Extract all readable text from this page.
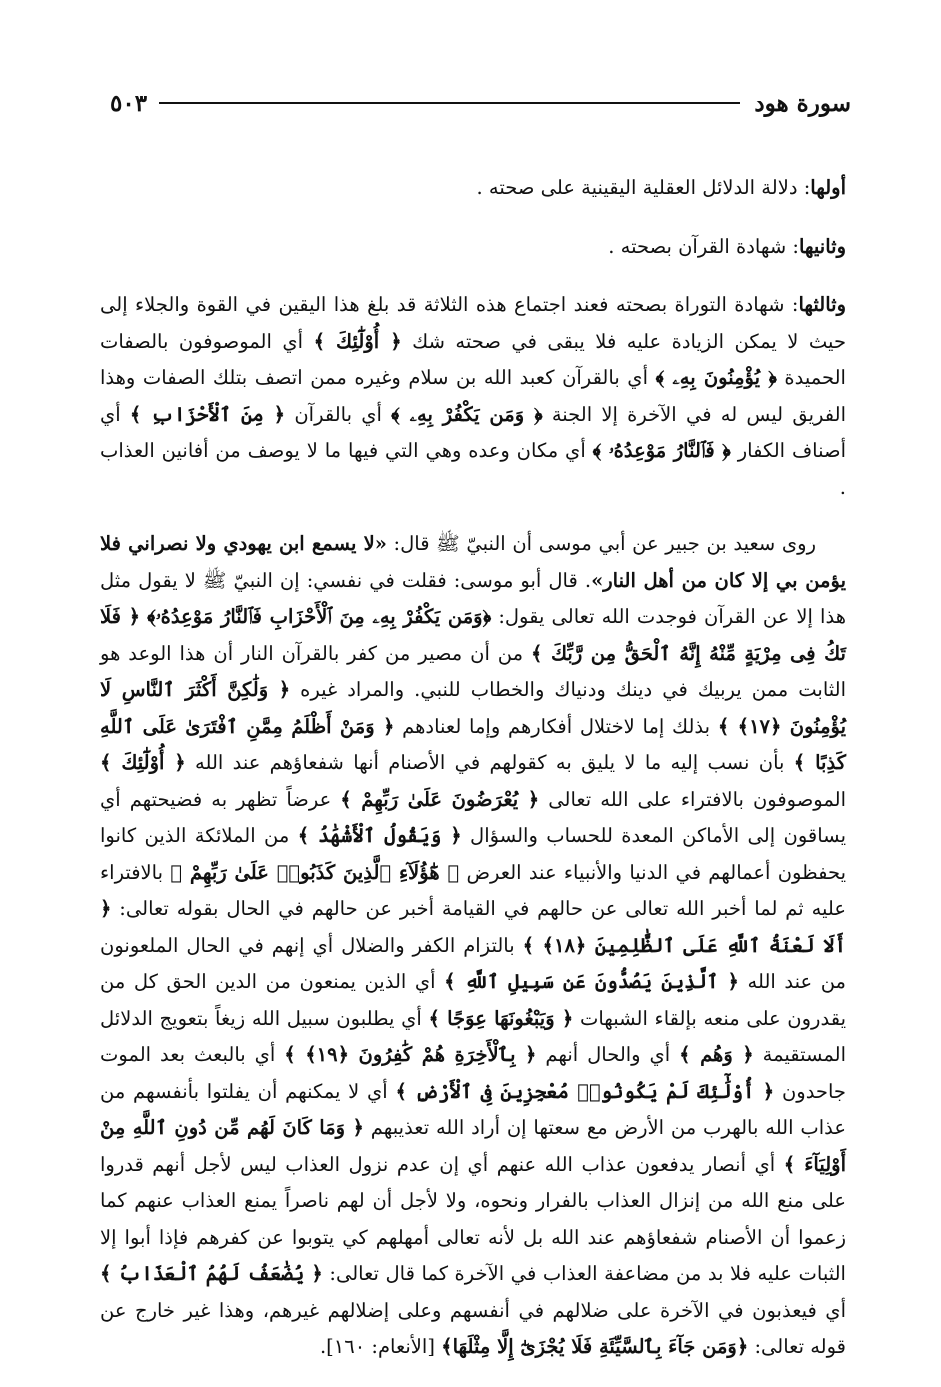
سورة هود
٥٠٣

أولها: دلالة الدلائل العقلية اليقينية على صحته .

وثانيها: شهادة القرآن بصحته .

وثالثها: شهادة التوراة بصحته فعند اجتماع هذه الثلاثة قد بلغ هذا اليقين في القوة والجلاء إلى حيث لا يمكن الزيادة عليه فلا يبقى في صحته شك ﴿ أُوْلَٰٓئِكَ ﴾ أي الموصوفون بالصفات الحميدة ﴿ يُؤْمِنُونَ بِهِۦ ﴾ أي بالقرآن كعبد الله بن سلام وغيره ممن اتصف بتلك الصفات وهذا الفريق ليس له في الآخرة إلا الجنة ﴿ وَمَن يَكْفُرْ بِهِۦ ﴾ أي بالقرآن ﴿ مِنَ ٱلْأَحْزَابِ ﴾ أي أصناف الكفار ﴿ فَٱلنَّارُ مَوْعِدُهُۥ ﴾ أي مكان وعده وهي التي فيها ما لا يوصف من أفانين العذاب .

روى سعيد بن جبير عن أبي موسى أن النبيّ ﷺ قال: «لا يسمع ابن يهودي ولا نصراني فلا يؤمن بي إلا كان من أهل النار». قال أبو موسى: فقلت في نفسي: إن النبيّ ﷺ لا يقول مثل هذا إلا عن القرآن فوجدت الله تعالى يقول: ﴿وَمَن يَكْفُرْ بِهِۦ مِنَ ٱلْأَحْزَابِ فَٱلنَّارُ مَوْعِدُهُۥ﴾ ﴿ فَلَا تَكُ فِى مِرْيَةٍ مِّنْهُ إِنَّهُ ٱلْحَقُّ مِن رَّبِّكَ ﴾ من أن مصير من كفر بالقرآن النار أن هذا الوعد هو الثابت ممن يربيك في دينك ودنياك والخطاب للنبي. والمراد غيره ﴿ وَلَٰكِنَّ أَكْثَرَ ٱلنَّاسِ لَا يُؤْمِنُونَ ﴿١٧﴾ ﴾ بذلك إما لاختلال أفكارهم وإما لعنادهم ﴿ وَمَنْ أَظْلَمُ مِمَّنِ ٱفْتَرَىٰ عَلَى ٱللَّهِ كَذِبًا ﴾ بأن نسب إليه ما لا يليق به كقولهم في الأصنام أنها شفعاؤهم عند الله ﴿ أُوْلَٰٓئِكَ ﴾ الموصوفون بالافتراء على الله تعالى ﴿ يُعْرَضُونَ عَلَىٰ رَبِّهِمْ ﴾ عرضاً تظهر به فضيحتهم أي يساقون إلى الأماكن المعدة للحساب والسؤال ﴿ وَيَقُولُ ٱلْأَشْهَٰدُ ﴾ من الملائكة الذين كانوا يحفظون أعمالهم في الدنيا والأنبياء عند العرض ﴿ هَٰٓؤُلَآءِ ٱلَّذِينَ كَذَبُوا۟ عَلَىٰ رَبِّهِمْ ﴾ بالافتراء عليه ثم لما أخبر الله تعالى عن حالهم في القيامة أخبر عن حالهم في الحال بقوله تعالى: ﴿ أَلَا لَعْنَةُ ٱللَّهِ عَلَى ٱلظَّٰلِمِينَ ﴿١٨﴾ ﴾ بالتزام الكفر والضلال أي إنهم في الحال الملعونون من عند الله ﴿ ٱلَّذِينَ يَصُدُّونَ عَن سَبِيلِ ٱللَّهِ ﴾ أي الذين يمنعون من الدين الحق كل من يقدرون على منعه بإلقاء الشبهات ﴿ وَيَبْغُونَهَا عِوَجًا ﴾ أي يطلبون سبيل الله زيغاً بتعويج الدلائل المستقيمة ﴿ وَهُم ﴾ أي والحال أنهم ﴿ بِٱلْأَخِرَةِ هُمْ كَٰفِرُونَ ﴿١٩﴾ ﴾ أي بالبعث بعد الموت جاحدون ﴿ أُوْلَٰٓئِكَ لَمْ يَكُونُوا۟ مُعْجِزِينَ فِى ٱلْأَرْضِ ﴾ أي لا يمكنهم أن يفلتوا بأنفسهم من عذاب الله بالهرب من الأرض مع سعتها إن أراد الله تعذيبهم ﴿ وَمَا كَانَ لَهُم مِّن دُونِ ٱللَّهِ مِنْ أَوْلِيَآءَ ﴾ أي أنصار يدفعون عذاب الله عنهم أي إن عدم نزول العذاب ليس لأجل أنهم قدروا على منع الله من إنزال العذاب بالفرار ونحوه، ولا لأجل أن لهم ناصراً يمنع العذاب عنهم كما زعموا أن الأصنام شفعاؤهم عند الله بل لأنه تعالى أمهلهم كي يتوبوا عن كفرهم فإذا أبوا إلا الثبات عليه فلا بد من مضاعفة العذاب في الآخرة كما قال تعالى: ﴿ يُضَٰعَفُ لَهُمُ ٱلْعَذَابُ ﴾ أي فيعذبون في الآخرة على ضلالهم في أنفسهم وعلى إضلالهم غيرهم، وهذا غير خارج عن قوله تعالى: ﴿وَمَن جَآءَ بِٱلسَّيِّئَةِ فَلَا يُجْزَىٰٓ إِلَّا مِثْلَهَا﴾ [الأنعام: ١٦٠].
